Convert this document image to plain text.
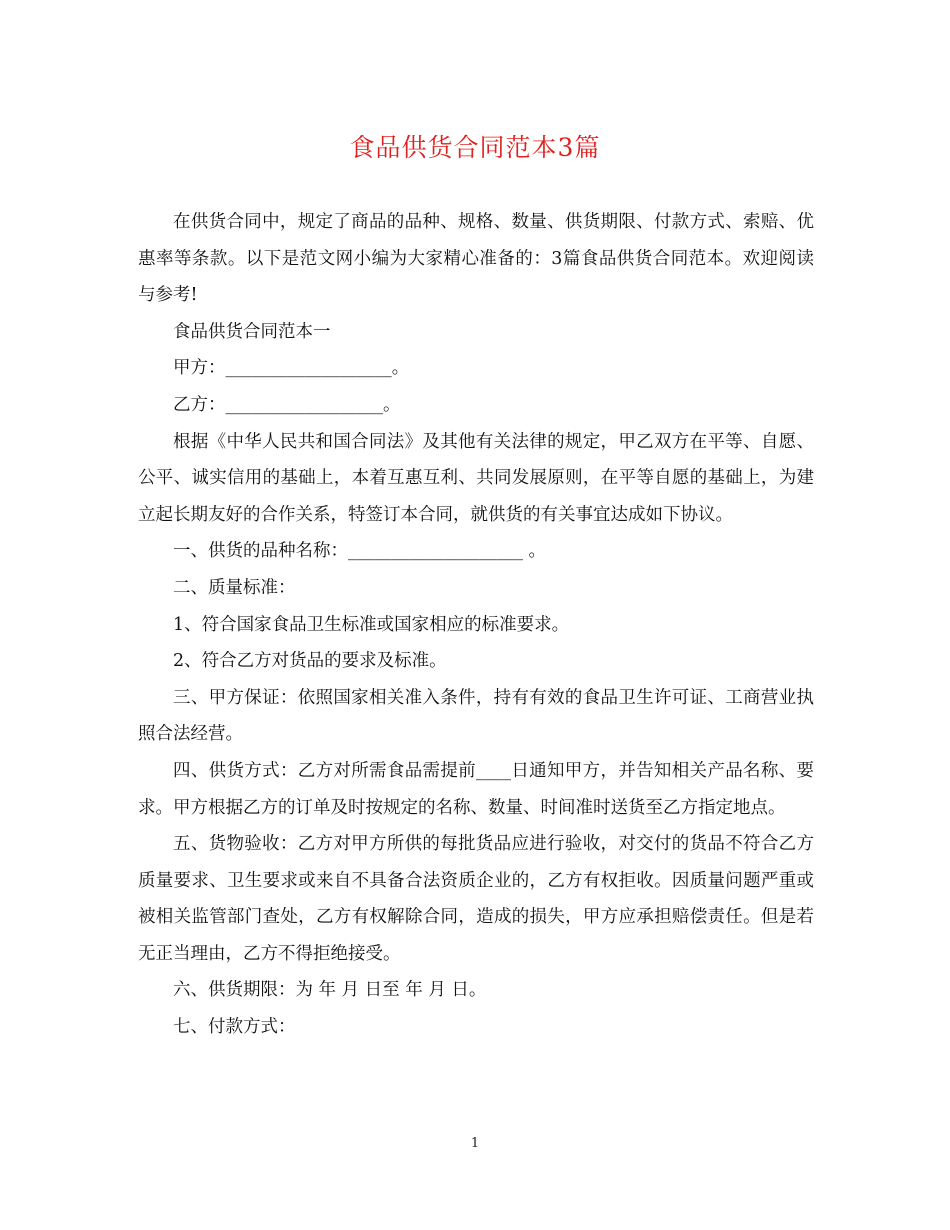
食品供货合同范本3篇

在供货合同中，规定了商品的品种、规格、数量、供货期限、付款方式、索赔、优惠率等条款。以下是范文网小编为大家精心准备的：3篇食品供货合同范本。欢迎阅读与参考!

食品供货合同范本一

甲方：___________________。

乙方：__________________。

根据《中华人民共和国合同法》及其他有关法律的规定，甲乙双方在平等、自愿、公平、诚实信用的基础上，本着互惠互利、共同发展原则，在平等自愿的基础上，为建立起长期友好的合作关系，特签订本合同，就供货的有关事宜达成如下协议。

一、供货的品种名称：____________________ 。

二、质量标准：

1、符合国家食品卫生标准或国家相应的标准要求。

2、符合乙方对货品的要求及标准。

三、甲方保证：依照国家相关准入条件，持有有效的食品卫生许可证、工商营业执照合法经营。

四、供货方式：乙方对所需食品需提前____日通知甲方，并告知相关产品名称、要求。甲方根据乙方的订单及时按规定的名称、数量、时间准时送货至乙方指定地点。

五、货物验收：乙方对甲方所供的每批货品应进行验收，对交付的货品不符合乙方质量要求、卫生要求或来自不具备合法资质企业的，乙方有权拒收。因质量问题严重或被相关监管部门查处，乙方有权解除合同，造成的损失，甲方应承担赔偿责任。但是若无正当理由，乙方不得拒绝接受。

六、供货期限：为 年 月 日至 年 月 日。

七、付款方式：

1
